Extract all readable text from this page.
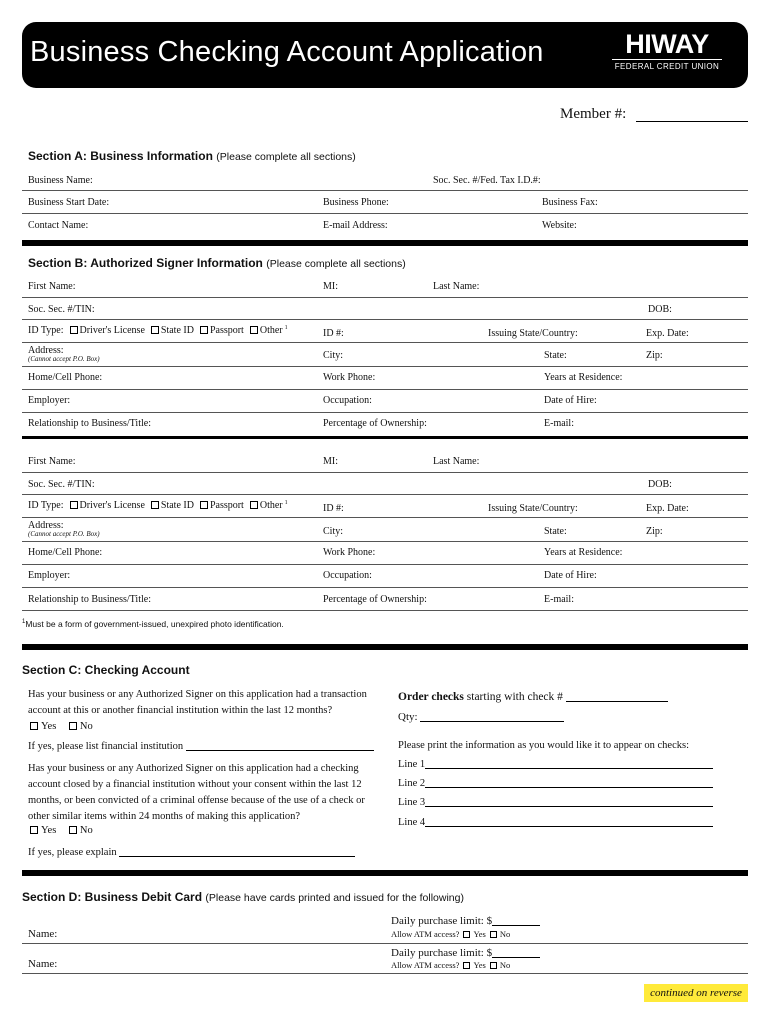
Business Checking Account Application	HIWAY
FEDERAL CREDIT UNION
Member #:
Section A: Business Information (Please complete all sections)
Business Name:	Soc. Sec. #/Fed. Tax I.D.#:
Business Start Date:	Business Phone:	Business Fax:
Contact Name:	E-mail Address:	Website:
Section B: Authorized Signer Information (Please complete all sections)
First Name:	MI:	Last Name:
Soc. Sec. #/TIN:	DOB:
ID Type: Driver's License State ID Passport Other $^1$	ID #:	Issuing State/Country:	Exp. Date:
Address:
(Cannot accept P.O. Box)	City:	State:	Zip:
Home/Cell Phone:	Work Phone:	Years at Residence:
Employer:	Occupation:	Date of Hire:
Relationship to Business/Title:	Percentage of Ownership:	E-mail:
First Name:	MI:	Last Name:
Soc. Sec. #/TIN:	DOB:
ID Type: Driver's License State ID Passport Other $^1$	ID #:	Issuing State/Country:	Exp. Date:
Address:
(Cannot accept P.O. Box)	City:	State:	Zip:
Home/Cell Phone:	Work Phone:	Years at Residence:
Employer:	Occupation:	Date of Hire:
Relationship to Business/Title:	Percentage of Ownership:	E-mail:
$^1$Must be a form of government-issued, unexpired photo identification.
Section C: Checking Account
Has your business or any Authorized Signer on this application had a transaction account at this or another financial institution within the last 12 months?
Yes No
If yes, please list financial institution
Has your business or any Authorized Signer on this application had a checking account closed by a financial institution without your consent within the last 12 months, or been convicted of a criminal offense because of the use of a check or other similar items within 24 months of making this application?
Yes No
If yes, please explain
Order checks starting with check #
Qty:
Please print the information as you would like it to appear on checks:
Line 1
Line 2
Line 3
Line 4
Section D: Business Debit Card (Please have cards printed and issued for the following)
Name:
Daily purchase limit: $
Allow ATM access? Yes No
Name:
Daily purchase limit: $
Allow ATM access? Yes No
continued on reverse
